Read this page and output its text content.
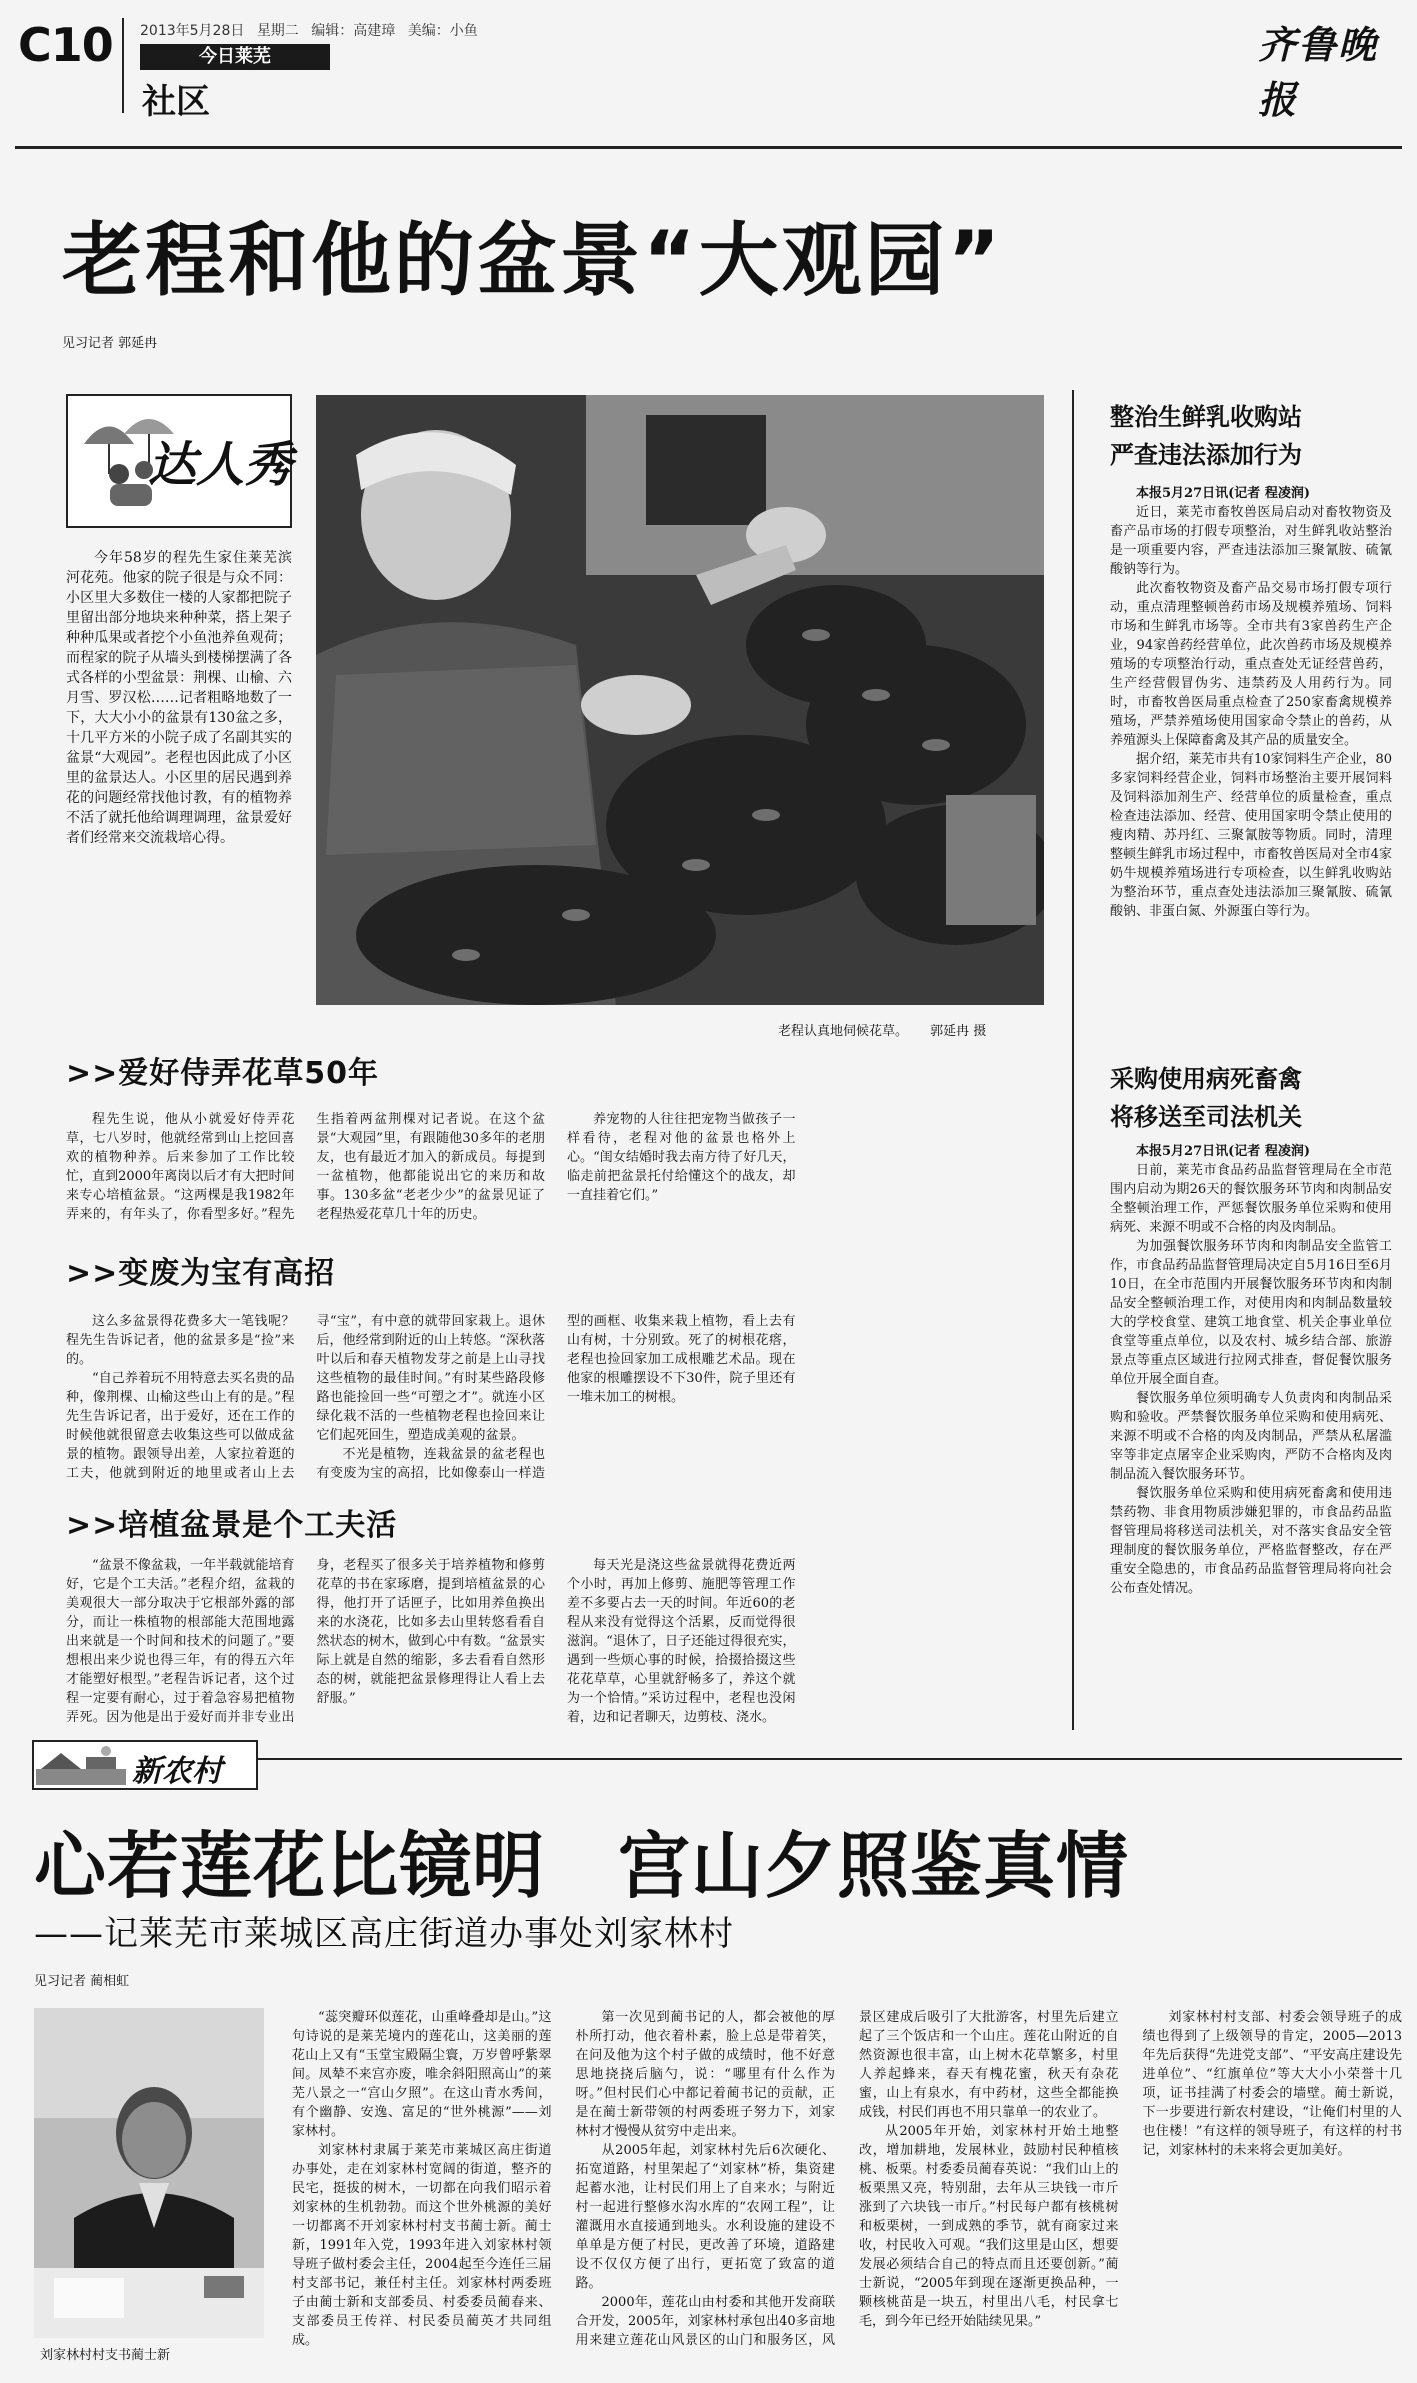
C10 2013年5月28日 星期二 编辑：高建璋 美编：小鱼
今日莱芜
社区
齐鲁晚报
老程和他的盆景“大观园”
见习记者 郭延冉
达人秀

今年58岁的程先生家住莱芜滨河花苑。他家的院子很是与众不同：小区里大多数住一楼的人家都把院子里留出部分地块来种种菜，搭上架子种种瓜果或者挖个小鱼池养鱼观荷；而程家的院子从墙头到楼梯摆满了各式各样的小型盆景：荆棵、山榆、六月雪、罗汉松……记者粗略地数了一下，大大小小的盆景有130盆之多，十几平方米的小院子成了名副其实的盆景“大观园”。老程也因此成了小区里的盆景达人。小区里的居民遇到养花的问题经常找他讨教，有的植物养不活了就托他给调理调理，盆景爱好者们经常来交流栽培心得。

老程认真地伺候花草。 郭延冉 摄
>>爱好侍弄花草50年

程先生说，他从小就爱好侍弄花草，七八岁时，他就经常到山上挖回喜欢的植物种养。后来参加了工作比较忙，直到2000年离岗以后才有大把时间来专心培植盆景。“这两棵是我1982年弄来的，有年头了，你看型多好。”程先生指着两盆荆棵对记者说。在这个盆景“大观园”里，有跟随他30多年的老朋友，也有最近才加入的新成员。每提到一盆植物，他都能说出它的来历和故事。130多盆“老老少少”的盆景见证了老程热爱花草几十年的历史。

养宠物的人往往把宠物当做孩子一样看待，老程对他的盆景也格外上心。“闺女结婚时我去南方待了好几天，临走前把盆景托付给懂这个的战友，却一直挂着它们。”

>>变废为宝有高招

这么多盆景得花费多大一笔钱呢？程先生告诉记者，他的盆景多是“捡”来的。

“自己养着玩不用特意去买名贵的品种，像荆棵、山榆这些山上有的是。”程先生告诉记者，出于爱好，还在工作的时候他就很留意去收集这些可以做成盆景的植物。跟领导出差，人家拉着逛的工夫，他就到附近的地里或者山上去寻“宝”，有中意的就带回家栽上。退休后，他经常到附近的山上转悠。“深秋落叶以后和春天植物发芽之前是上山寻找这些植物的最佳时间。”有时某些路段修路也能捡回一些“可塑之才”。就连小区绿化栽不活的一些植物老程也捡回来让它们起死回生，塑造成美观的盆景。

不光是植物，连栽盆景的盆老程也有变废为宝的高招，比如像泰山一样造型的画框、收集来栽上植物，看上去有山有树，十分别致。死了的树根花瘩，老程也捡回家加工成根雕艺术品。现在他家的根雕摆设不下30件，院子里还有一堆未加工的树根。

>>培植盆景是个工夫活

“盆景不像盆栽，一年半载就能培育好，它是个工夫活。”老程介绍，盆栽的美观很大一部分取决于它根部外露的部分，而让一株植物的根部能大范围地露出来就是一个时间和技术的问题了。”要想根出来少说也得三年，有的得五六年才能塑好根型。”老程告诉记者，这个过程一定要有耐心，过于着急容易把植物弄死。因为他是出于爱好而并非专业出身，老程买了很多关于培养植物和修剪花草的书在家琢磨，提到培植盆景的心得，他打开了话匣子，比如用养鱼换出来的水浇花，比如多去山里转悠看看自然状态的树木，做到心中有数。“盆景实际上就是自然的缩影，多去看看自然形态的树，就能把盆景修理得让人看上去舒服。”

每天光是浇这些盆景就得花费近两个小时，再加上修剪、施肥等管理工作差不多要占去一天的时间。年近60的老程从来没有觉得这个活累，反而觉得很滋润。“退休了，日子还能过得很充实，遇到一些烦心事的时候，拾掇拾掇这些花花草草，心里就舒畅多了，养这个就为一个恰情。”采访过程中，老程也没闲着，边和记者聊天，边剪枝、浇水。

整治生鲜乳收购站
严查违法添加行为

本报5月27日讯(记者 程凌润)

近日，莱芜市畜牧兽医局启动对畜牧物资及畜产品市场的打假专项整治，对生鲜乳收站整治是一项重要内容，严查违法添加三聚氰胺、硫氰酸钠等行为。

此次畜牧物资及畜产品交易市场打假专项行动，重点清理整顿兽药市场及规模养殖场、饲料市场和生鲜乳市场等。全市共有3家兽药生产企业，94家兽药经营单位，此次兽药市场及规模养殖场的专项整治行动，重点查处无证经营兽药，生产经营假冒伪劣、违禁药及人用药行为。同时，市畜牧兽医局重点检查了250家畜禽规模养殖场，严禁养殖场使用国家命令禁止的兽药，从养殖源头上保障畜禽及其产品的质量安全。

据介绍，莱芜市共有10家饲料生产企业，80多家饲料经营企业，饲料市场整治主要开展饲料及饲料添加剂生产、经营单位的质量检查，重点检查违法添加、经营、使用国家明令禁止使用的瘦肉精、苏丹红、三聚氰胺等物质。同时，清理整顿生鲜乳市场过程中，市畜牧兽医局对全市4家奶牛规模养殖场进行专项检查，以生鲜乳收购站为整治环节，重点查处违法添加三聚氰胺、硫氰酸钠、非蛋白氮、外源蛋白等行为。

采购使用病死畜禽
将移送至司法机关

本报5月27日讯(记者 程凌润)

日前，莱芜市食品药品监督管理局在全市范围内启动为期26天的餐饮服务环节肉和肉制品安全整顿治理工作，严惩餐饮服务单位采购和使用病死、来源不明或不合格的肉及肉制品。

为加强餐饮服务环节肉和肉制品安全监管工作，市食品药品监督管理局决定自5月16日至6月10日，在全市范围内开展餐饮服务环节肉和肉制品安全整顿治理工作，对使用肉和肉制品数量较大的学校食堂、建筑工地食堂、机关企事业单位食堂等重点单位，以及农村、城乡结合部、旅游景点等重点区域进行拉网式排查，督促餐饮服务单位开展全面自查。

餐饮服务单位须明确专人负责肉和肉制品采购和验收。严禁餐饮服务单位采购和使用病死、来源不明或不合格的肉及肉制品，严禁从私屠滥宰等非定点屠宰企业采购肉，严防不合格肉及肉制品流入餐饮服务环节。

餐饮服务单位采购和使用病死畜禽和使用违禁药物、非食用物质涉嫌犯罪的，市食品药品监督管理局将移送司法机关，对不落实食品安全管理制度的餐饮服务单位，严格监督整改，存在严重安全隐患的，市食品药品监督管理局将向社会公布查处情况。

新农村
心若莲花比镜明　宫山夕照鉴真情
——记莱芜市莱城区高庄街道办事处刘家林村
见习记者 蔺相虹
刘家林村村支书蔺士新

“蕊突瓣环似莲花，山重峰叠却是山。”这句诗说的是莱芜境内的莲花山，这美丽的莲花山上又有“玉堂宝殿隔尘寰，万岁曾呼紫翠间。凤辇不来宫亦废，唯余斜阳照高山”的莱芜八景之一“宫山夕照”。在这山青水秀间，有个幽静、安逸、富足的“世外桃源”——刘家林村。

刘家林村隶属于莱芜市莱城区高庄街道办事处，走在刘家林村宽阔的街道，整齐的民宅，挺拔的树木，一切都在向我们昭示着刘家林的生机勃勃。而这个世外桃源的美好一切都离不开刘家林村村支书蔺士新。蔺士新，1991年入党，1993年进入刘家林村领导班子做村委会主任，2004起至今连任三届村支部书记，兼任村主任。刘家林村两委班子由蔺士新和支部委员、村委委员蔺春来、支部委员王传祥、村民委员蔺英才共同组成。

第一次见到蔺书记的人，都会被他的厚朴所打动，他衣着朴素，脸上总是带着笑，在问及他为这个村子做的成绩时，他不好意思地挠挠后脑勺，说：“哪里有什么作为呀。”但村民们心中都记着蔺书记的贡献，正是在蔺士新带领的村两委班子努力下，刘家林村才慢慢从贫穷中走出来。

从2005年起，刘家林村先后6次硬化、拓宽道路，村里架起了“刘家林”桥，集资建起蓄水池，让村民们用上了自来水；与附近村一起进行整修水沟水库的“农网工程”，让灌溉用水直接通到地头。水利设施的建设不单单是方便了村民，更改善了环境，道路建设不仅仅方便了出行，更拓宽了致富的道路。

2000年，莲花山由村委和其他开发商联合开发，2005年，刘家林村承包出40多亩地用来建立莲花山风景区的山门和服务区，风景区建成后吸引了大批游客，村里先后建立起了三个饭店和一个山庄。莲花山附近的自然资源也很丰富，山上树木花草繁多，村里人养起蜂来，春天有槐花蜜，秋天有杂花蜜，山上有泉水，有中药材，这些全都能换成钱，村民们再也不用只靠单一的农业了。

从2005年开始，刘家林村开始土地整改，增加耕地，发展林业，鼓励村民种植核桃、板栗。村委委员蔺春英说：“我们山上的板栗黑又亮，特别甜，去年从三块钱一市斤涨到了六块钱一市斤。”村民每户都有核桃树和板栗树，一到成熟的季节，就有商家过来收，村民收入可观。“我们这里是山区，想要发展必须结合自己的特点而且还要创新。”蔺士新说，“2005年到现在逐渐更换品种，一颗核桃苗是一块五，村里出八毛，村民拿七毛，到今年已经开始陆续见果。”

刘家林村村支部、村委会领导班子的成绩也得到了上级领导的肯定，2005—2013年先后获得“先进党支部”、“平安高庄建设先进单位”、“红旗单位”等大大小小荣誉十几项，证书挂满了村委会的墙壁。蔺士新说，下一步要进行新农村建设，“让俺们村里的人也住楼！”有这样的领导班子，有这样的村书记，刘家林村的未来将会更加美好。
